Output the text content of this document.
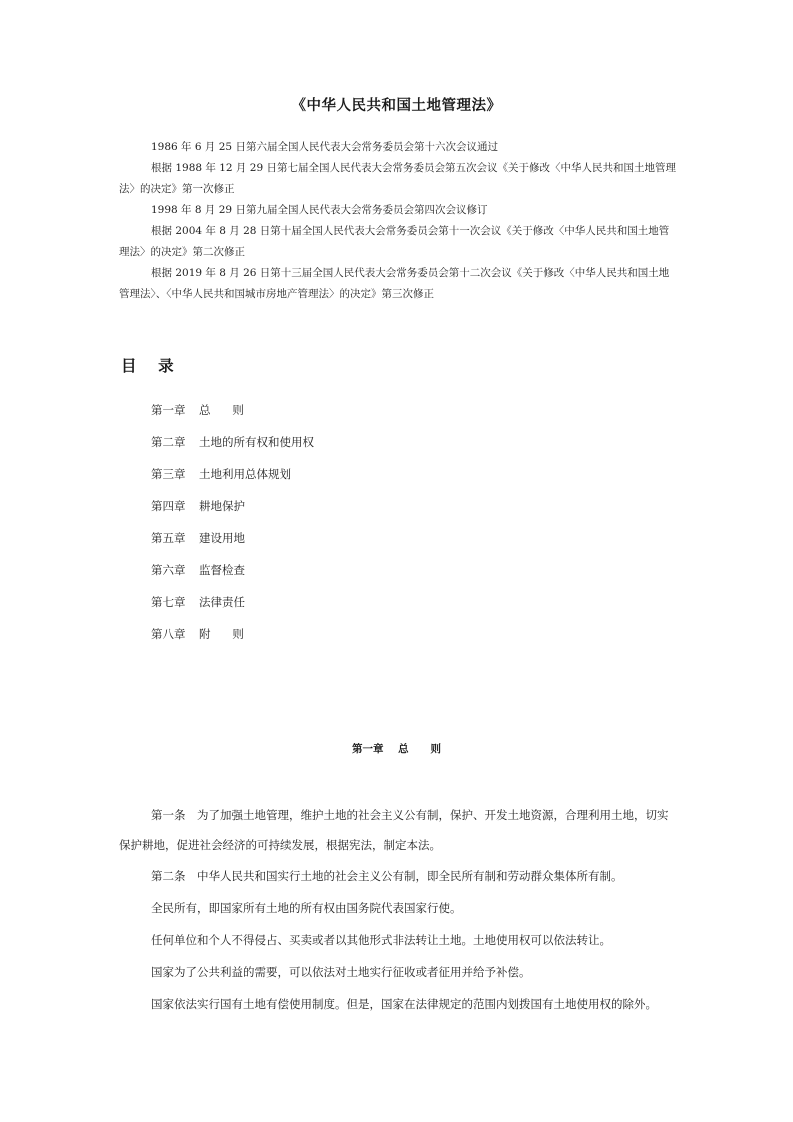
《中华人民共和国土地管理法》

1986 年 6 月 25 日第六届全国人民代表大会常务委员会第十六次会议通过

根据 1988 年 12 月 29 日第七届全国人民代表大会常务委员会第五次会议《关于修改〈中华人民共和国土地管理法〉的决定》第一次修正

1998 年 8 月 29 日第九届全国人民代表大会常务委员会第四次会议修订

根据 2004 年 8 月 28 日第十届全国人民代表大会常务委员会第十一次会议《关于修改〈中华人民共和国土地管理法〉的决定》第二次修正

根据 2019 年 8 月 26 日第十三届全国人民代表大会常务委员会第十二次会议《关于修改〈中华人民共和国土地管理法〉、〈中华人民共和国城市房地产管理法〉的决定》第三次修正

目    录
第一章 总      则
第二章 土地的所有权和使用权
第三章 土地利用总体规划
第四章 耕地保护
第五章 建设用地
第六章 监督检查
第七章 法律责任
第八章 附      则
第一章    总      则

第一条　为了加强土地管理，维护土地的社会主义公有制，保护、开发土地资源，合理利用土地，切实保护耕地，促进社会经济的可持续发展，根据宪法，制定本法。

第二条　中华人民共和国实行土地的社会主义公有制，即全民所有制和劳动群众集体所有制。

全民所有，即国家所有土地的所有权由国务院代表国家行使。

任何单位和个人不得侵占、买卖或者以其他形式非法转让土地。土地使用权可以依法转让。

国家为了公共利益的需要，可以依法对土地实行征收或者征用并给予补偿。

国家依法实行国有土地有偿使用制度。但是，国家在法律规定的范围内划拨国有土地使用权的除外。
